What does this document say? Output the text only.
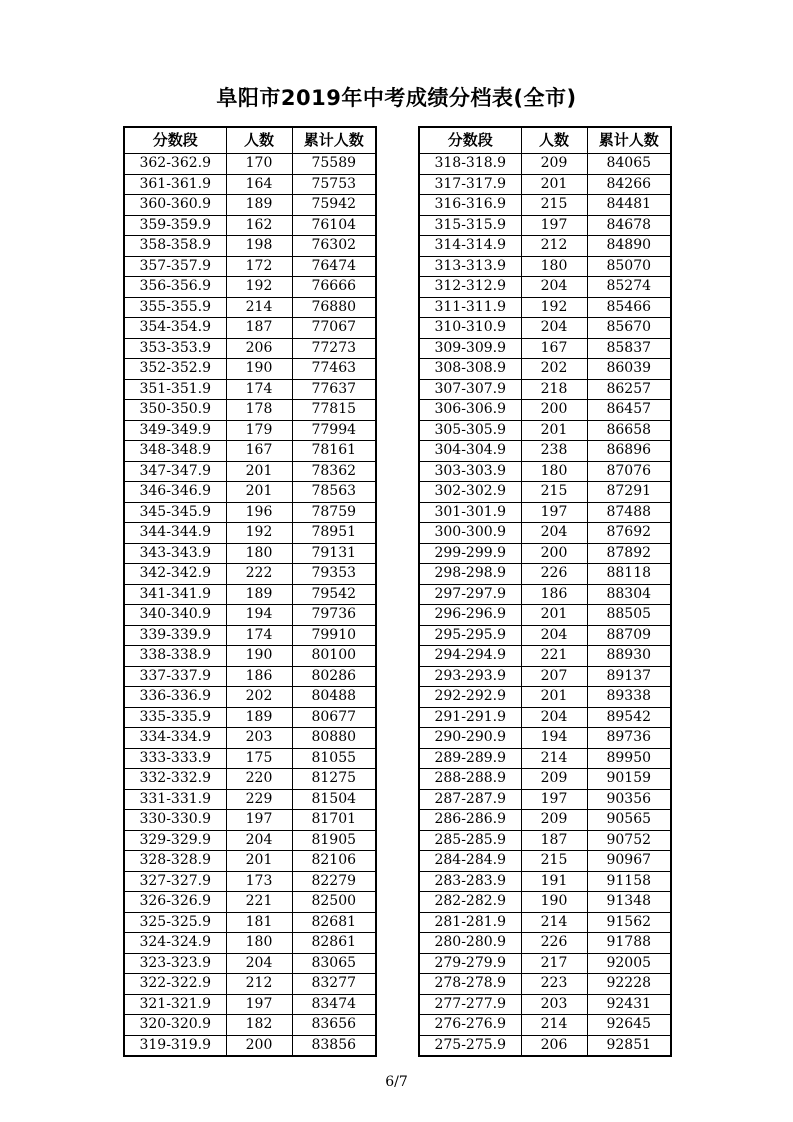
阜阳市2019年中考成绩分档表(全市)
分数段	人数	累计人数
362-362.9	170	75589
361-361.9	164	75753
360-360.9	189	75942
359-359.9	162	76104
358-358.9	198	76302
357-357.9	172	76474
356-356.9	192	76666
355-355.9	214	76880
354-354.9	187	77067
353-353.9	206	77273
352-352.9	190	77463
351-351.9	174	77637
350-350.9	178	77815
349-349.9	179	77994
348-348.9	167	78161
347-347.9	201	78362
346-346.9	201	78563
345-345.9	196	78759
344-344.9	192	78951
343-343.9	180	79131
342-342.9	222	79353
341-341.9	189	79542
340-340.9	194	79736
339-339.9	174	79910
338-338.9	190	80100
337-337.9	186	80286
336-336.9	202	80488
335-335.9	189	80677
334-334.9	203	80880
333-333.9	175	81055
332-332.9	220	81275
331-331.9	229	81504
330-330.9	197	81701
329-329.9	204	81905
328-328.9	201	82106
327-327.9	173	82279
326-326.9	221	82500
325-325.9	181	82681
324-324.9	180	82861
323-323.9	204	83065
322-322.9	212	83277
321-321.9	197	83474
320-320.9	182	83656
319-319.9	200	83856
分数段	人数	累计人数
318-318.9	209	84065
317-317.9	201	84266
316-316.9	215	84481
315-315.9	197	84678
314-314.9	212	84890
313-313.9	180	85070
312-312.9	204	85274
311-311.9	192	85466
310-310.9	204	85670
309-309.9	167	85837
308-308.9	202	86039
307-307.9	218	86257
306-306.9	200	86457
305-305.9	201	86658
304-304.9	238	86896
303-303.9	180	87076
302-302.9	215	87291
301-301.9	197	87488
300-300.9	204	87692
299-299.9	200	87892
298-298.9	226	88118
297-297.9	186	88304
296-296.9	201	88505
295-295.9	204	88709
294-294.9	221	88930
293-293.9	207	89137
292-292.9	201	89338
291-291.9	204	89542
290-290.9	194	89736
289-289.9	214	89950
288-288.9	209	90159
287-287.9	197	90356
286-286.9	209	90565
285-285.9	187	90752
284-284.9	215	90967
283-283.9	191	91158
282-282.9	190	91348
281-281.9	214	91562
280-280.9	226	91788
279-279.9	217	92005
278-278.9	223	92228
277-277.9	203	92431
276-276.9	214	92645
275-275.9	206	92851
6/7
